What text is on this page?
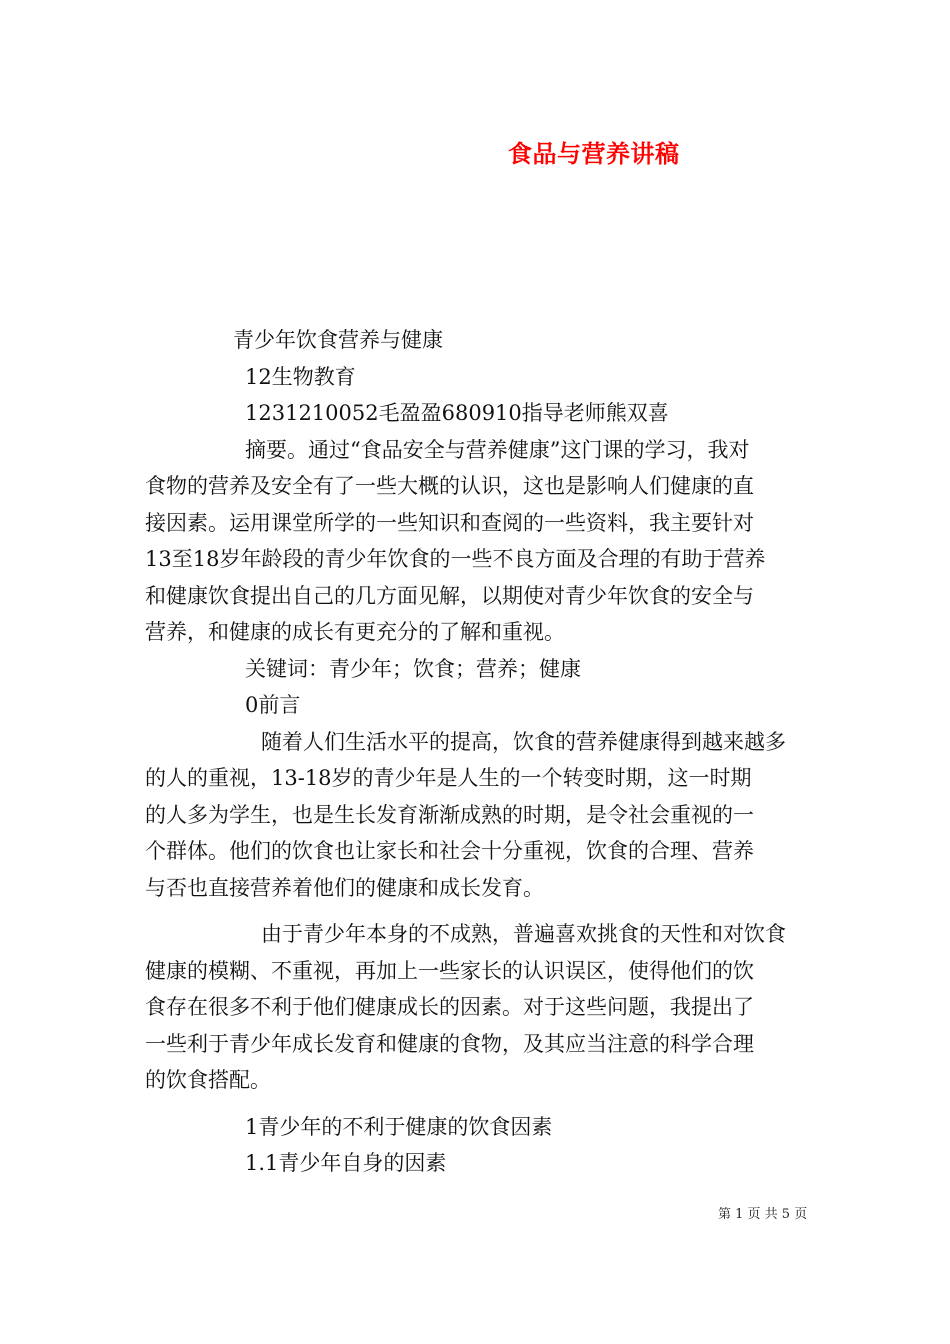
食品与营养讲稿
青少年饮食营养与健康
12生物教育
1231210052毛盈盈680910指导老师熊双喜
摘要。通过“食品安全与营养健康”这门课的学习，我对
食物的营养及安全有了一些大概的认识，这也是影响人们健康的直
接因素。运用课堂所学的一些知识和查阅的一些资料，我主要针对
13至18岁年龄段的青少年饮食的一些不良方面及合理的有助于营养
和健康饮食提出自己的几方面见解，以期使对青少年饮食的安全与
营养，和健康的成长有更充分的了解和重视。
关键词：青少年；饮食；营养；健康
0前言
随着人们生活水平的提高，饮食的营养健康得到越来越多
的人的重视，13-18岁的青少年是人生的一个转变时期，这一时期
的人多为学生，也是生长发育渐渐成熟的时期，是令社会重视的一
个群体。他们的饮食也让家长和社会十分重视，饮食的合理、营养
与否也直接营养着他们的健康和成长发育。
由于青少年本身的不成熟，普遍喜欢挑食的天性和对饮食
健康的模糊、不重视，再加上一些家长的认识误区，使得他们的饮
食存在很多不利于他们健康成长的因素。对于这些问题，我提出了
一些利于青少年成长发育和健康的食物，及其应当注意的科学合理
的饮食搭配。
1青少年的不利于健康的饮食因素
1.1青少年自身的因素
第 1 页 共 5 页
